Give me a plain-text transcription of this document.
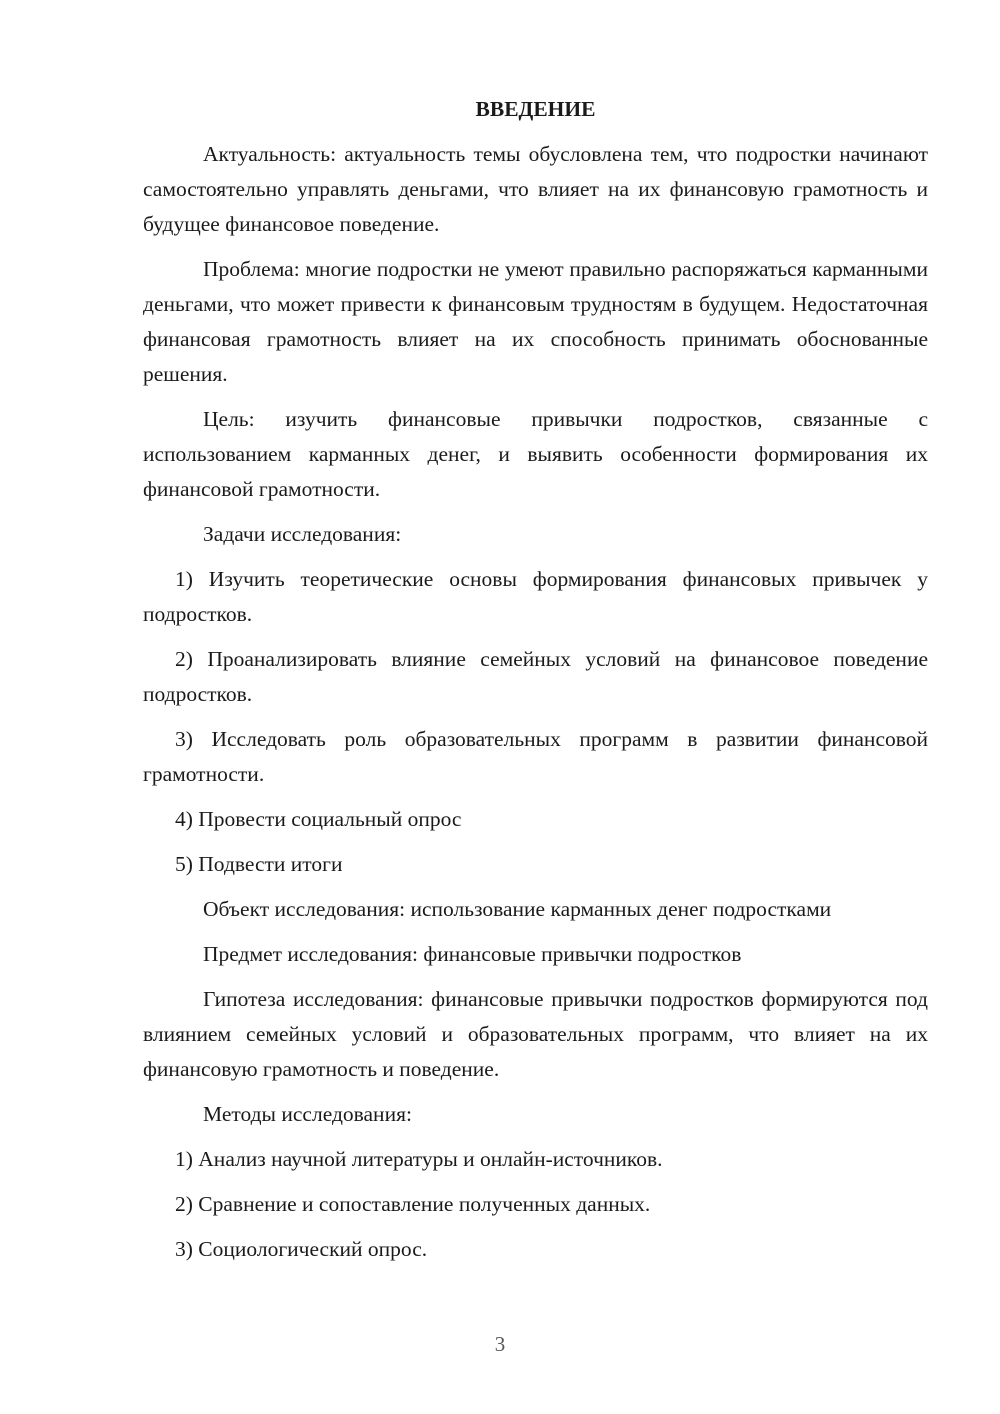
ВВЕДЕНИЕ

Актуальность: актуальность темы обусловлена тем, что подростки начинают самостоятельно управлять деньгами, что влияет на их финансовую грамотность и будущее финансовое поведение.

Проблема: многие подростки не умеют правильно распоряжаться карманными деньгами, что может привести к финансовым трудностям в будущем. Недостаточная финансовая грамотность влияет на их способность принимать обоснованные решения.

Цель: изучить финансовые привычки подростков, связанные с использованием карманных денег, и выявить особенности формирования их финансовой грамотности.

Задачи исследования:

1) Изучить теоретические основы формирования финансовых привычек у подростков.

2) Проанализировать влияние семейных условий на финансовое поведение подростков.

3) Исследовать роль образовательных программ в развитии финансовой грамотности.

4) Провести социальный опрос

5) Подвести итоги

Объект исследования: использование карманных денег подростками

Предмет исследования: финансовые привычки подростков

Гипотеза исследования: финансовые привычки подростков формируются под влиянием семейных условий и образовательных программ, что влияет на их финансовую грамотность и поведение.

Методы исследования:

1) Анализ научной литературы и онлайн-источников.

2) Сравнение и сопоставление полученных данных.

3) Социологический опрос.

3
